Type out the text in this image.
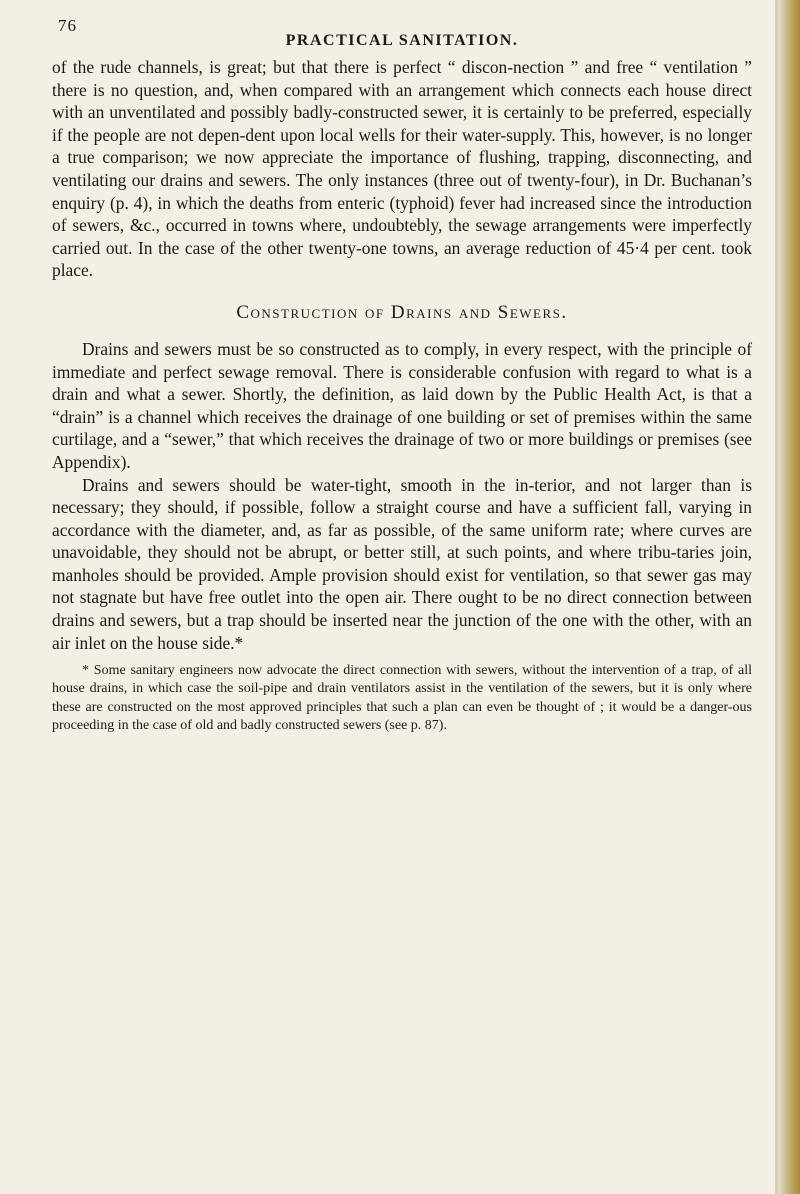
76
PRACTICAL SANITATION.

of the rude channels, is great; but that there is perfect “ discon-nection ” and free “ ventilation ” there is no question, and, when compared with an arrangement which connects each house direct with an unventilated and possibly badly-constructed sewer, it is certainly to be preferred, especially if the people are not depen-dent upon local wells for their water-supply. This, however, is no longer a true comparison; we now appreciate the importance of flushing, trapping, disconnecting, and ventilating our drains and sewers. The only instances (three out of twenty-four), in Dr. Buchanan’s enquiry (p. 4), in which the deaths from enteric (typhoid) fever had increased since the introduction of sewers, &c., occurred in towns where, undoubtebly, the sewage arrangements were imperfectly carried out. In the case of the other twenty-one towns, an average reduction of 45·4 per cent. took place.

Construction of Drains and Sewers.

Drains and sewers must be so constructed as to comply, in every respect, with the principle of immediate and perfect sewage removal. There is considerable confusion with regard to what is a drain and what a sewer. Shortly, the definition, as laid down by the Public Health Act, is that a “drain” is a channel which receives the drainage of one building or set of premises within the same curtilage, and a “sewer,” that which receives the drainage of two or more buildings or premises (see Appendix).

Drains and sewers should be water-tight, smooth in the in-terior, and not larger than is necessary; they should, if possible, follow a straight course and have a sufficient fall, varying in accordance with the diameter, and, as far as possible, of the same uniform rate; where curves are unavoidable, they should not be abrupt, or better still, at such points, and where tribu-taries join, manholes should be provided. Ample provision should exist for ventilation, so that sewer gas may not stagnate but have free outlet into the open air. There ought to be no direct connection between drains and sewers, but a trap should be inserted near the junction of the one with the other, with an air inlet on the house side.*

* Some sanitary engineers now advocate the direct connection with sewers, without the intervention of a trap, of all house drains, in which case the soil-pipe and drain ventilators assist in the ventilation of the sewers, but it is only where these are constructed on the most approved principles that such a plan can even be thought of ; it would be a danger-ous proceeding in the case of old and badly constructed sewers (see p. 87).
